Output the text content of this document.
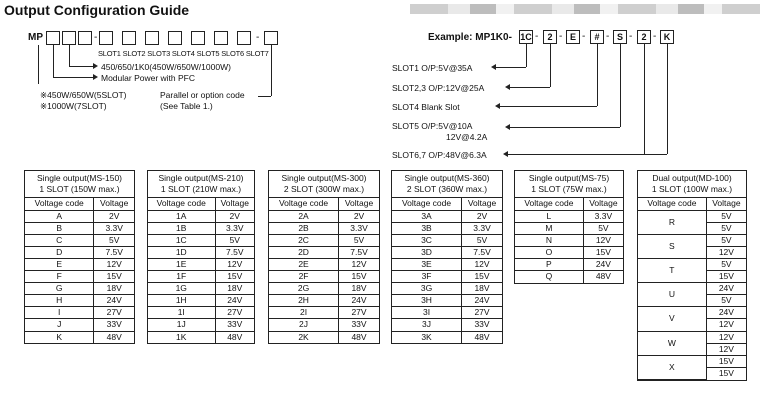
Output Configuration Guide
MP	-	-
SLOT1 SLOT2 SLOT3 SLOT4 SLOT5 SLOT6 SLOT7
450/650/1K0(450W/650W/1000W)
Modular Power with PFC
※450W/650W(5SLOT)
※1000W(7SLOT)
Parallel or option code
(See Table 1.)
Example: MP1K0- 1C -	2 - E -	# - S -	2 - K
SLOT1 O/P:5V@35A
SLOT2,3 O/P:12V@25A
SLOT4 Blank Slot
SLOT5 O/P:5V@10A
12V@4.2A
SLOT6,7 O/P:48V@6.3A
Single output(MS-150)
1 SLOT (150W max.)
Voltage code	Voltage
A	2V
B	3.3V
C	5V
D	7.5V
E	12V
F	15V
G	18V
H	24V
I	27V
J	33V
K	48V
Single output(MS-210)
1 SLOT (210W max.)
Voltage code	Voltage
1A	2V
1B	3.3V
1C	5V
1D	7.5V
1E	12V
1F	15V
1G	18V
1H	24V
1I	27V
1J	33V
1K	48V
Single output(MS-300)
2 SLOT (300W max.)
Voltage code	Voltage
2A	2V
2B	3.3V
2C	5V
2D	7.5V
2E	12V
2F	15V
2G	18V
2H	24V
2I	27V
2J	33V
2K	48V
Single output(MS-360)
2 SLOT (360W max.)
Voltage code	Voltage
3A	2V
3B	3.3V
3C	5V
3D	7.5V
3E	12V
3F	15V
3G	18V
3H	24V
3I	27V
3J	33V
3K	48V
Single output(MS-75)
1 SLOT (75W max.)
Voltage code	Voltage
L	3.3V
M	5V
N	12V
O	15V
P	24V
Q	48V
Dual output(MD-100)
1 SLOT (100W max.)
Voltage code	Voltage
R	5V
	5V
S	5V
	12V
T	5V
	15V
U	24V
	5V
V	24V
	12V
W	12V
	12V
X	15V
	15V
